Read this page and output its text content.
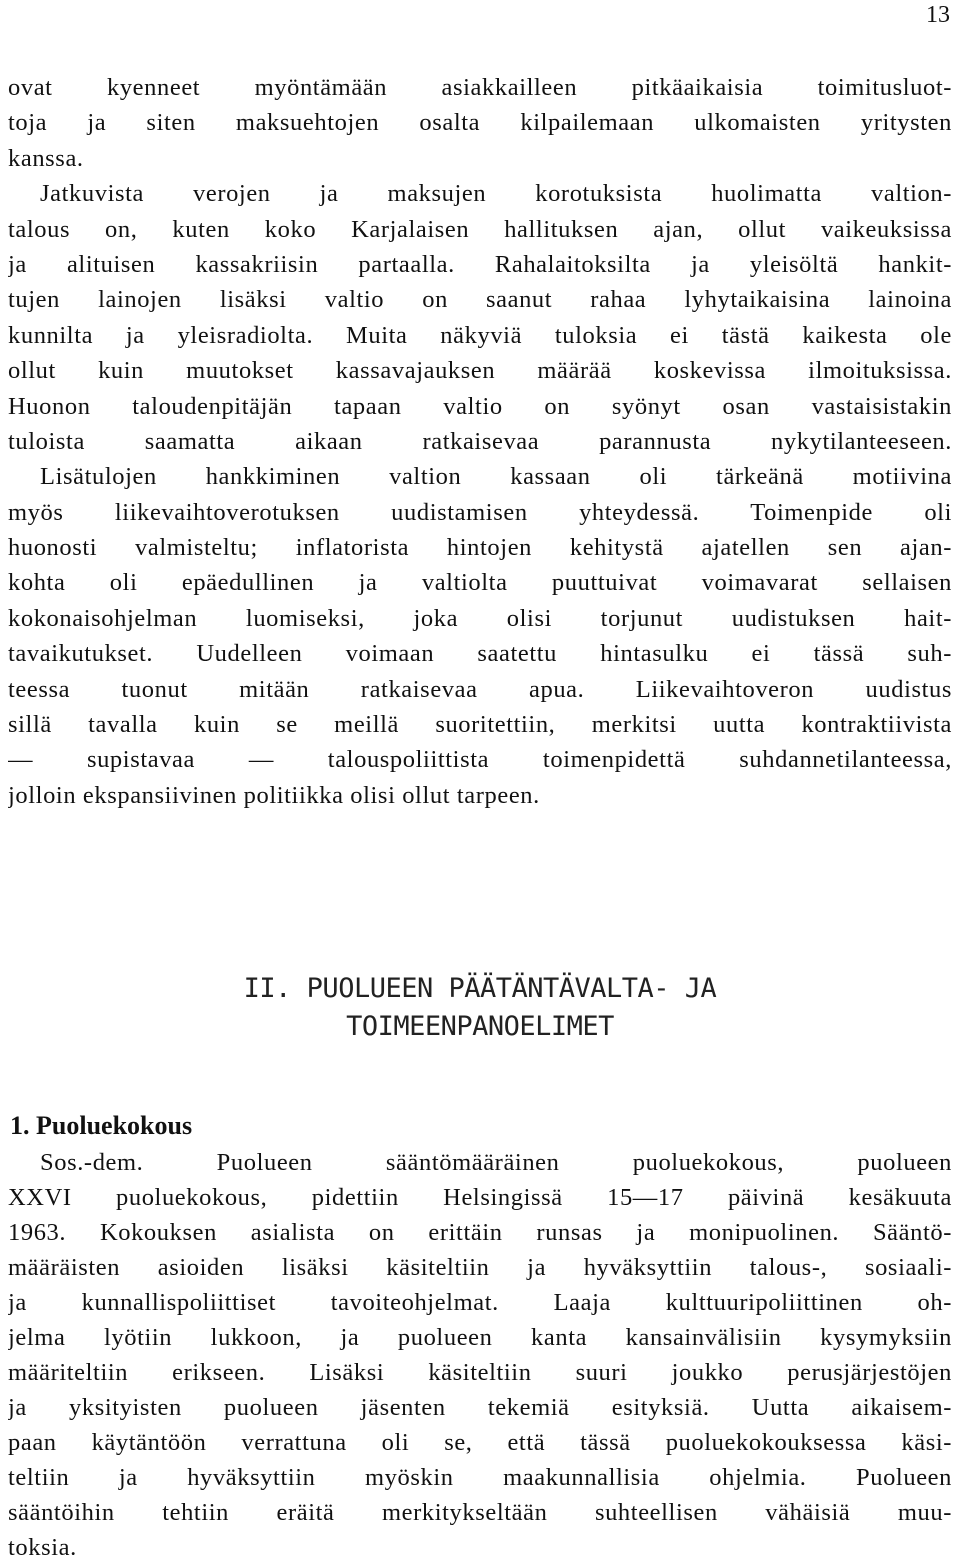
13
ovat kyenneet myöntämään asiakkailleen pitkäaikaisia toimitusluot-
toja ja siten maksuehtojen osalta kilpailemaan ulkomaisten yritysten
kanssa.
Jatkuvista verojen ja maksujen korotuksista huolimatta valtion-
talous on, kuten koko Karjalaisen hallituksen ajan, ollut vaikeuksissa
ja alituisen kassakriisin partaalla. Rahalaitoksilta ja yleisöltä hankit-
tujen lainojen lisäksi valtio on saanut rahaa lyhytaikaisina lainoina
kunnilta ja yleisradiolta. Muita näkyviä tuloksia ei tästä kaikesta ole
ollut kuin muutokset kassavajauksen määrää koskevissa ilmoituksissa.
Huonon taloudenpitäjän tapaan valtio on syönyt osan vastaisistakin
tuloista saamatta aikaan ratkaisevaa parannusta nykytilanteeseen.
Lisätulojen hankkiminen valtion kassaan oli tärkeänä motiivina
myös liikevaihtoverotuksen uudistamisen yhteydessä. Toimenpide oli
huonosti valmisteltu; inflatorista hintojen kehitystä ajatellen sen ajan-
kohta oli epäedullinen ja valtiolta puuttuivat voimavarat sellaisen
kokonaisohjelman luomiseksi, joka olisi torjunut uudistuksen hait-
tavaikutukset. Uudelleen voimaan saatettu hintasulku ei tässä suh-
teessa tuonut mitään ratkaisevaa apua. Liikevaihtoveron uudistus
sillä tavalla kuin se meillä suoritettiin, merkitsi uutta kontraktiivista
— supistavaa — talouspoliittista toimenpidettä suhdannetilanteessa,
jolloin ekspansiivinen politiikka olisi ollut tarpeen.
II. PUOLUEEN PÄÄTÄNTÄVALTA- JA
TOIMEENPANOELIMET
1. Puoluekokous
Sos.-dem. Puolueen sääntömääräinen puoluekokous, puolueen
XXVI puoluekokous, pidettiin Helsingissä 15—17 päivinä kesäkuuta
1963. Kokouksen asialista on erittäin runsas ja monipuolinen. Sääntö-
määräisten asioiden lisäksi käsiteltiin ja hyväksyttiin talous-, sosiaali-
ja kunnallispoliittiset tavoiteohjelmat. Laaja kulttuuripoliittinen oh-
jelma lyötiin lukkoon, ja puolueen kanta kansainvälisiin kysymyksiin
määriteltiin erikseen. Lisäksi käsiteltiin suuri joukko perusjärjestöjen
ja yksityisten puolueen jäsenten tekemiä esityksiä. Uutta aikaisem-
paan käytäntöön verrattuna oli se, että tässä puoluekokouksessa käsi-
teltiin ja hyväksyttiin myöskin maakunnallisia ohjelmia. Puolueen
sääntöihin tehtiin eräitä merkitykseltään suhteellisen vähäisiä muu-
toksia.
